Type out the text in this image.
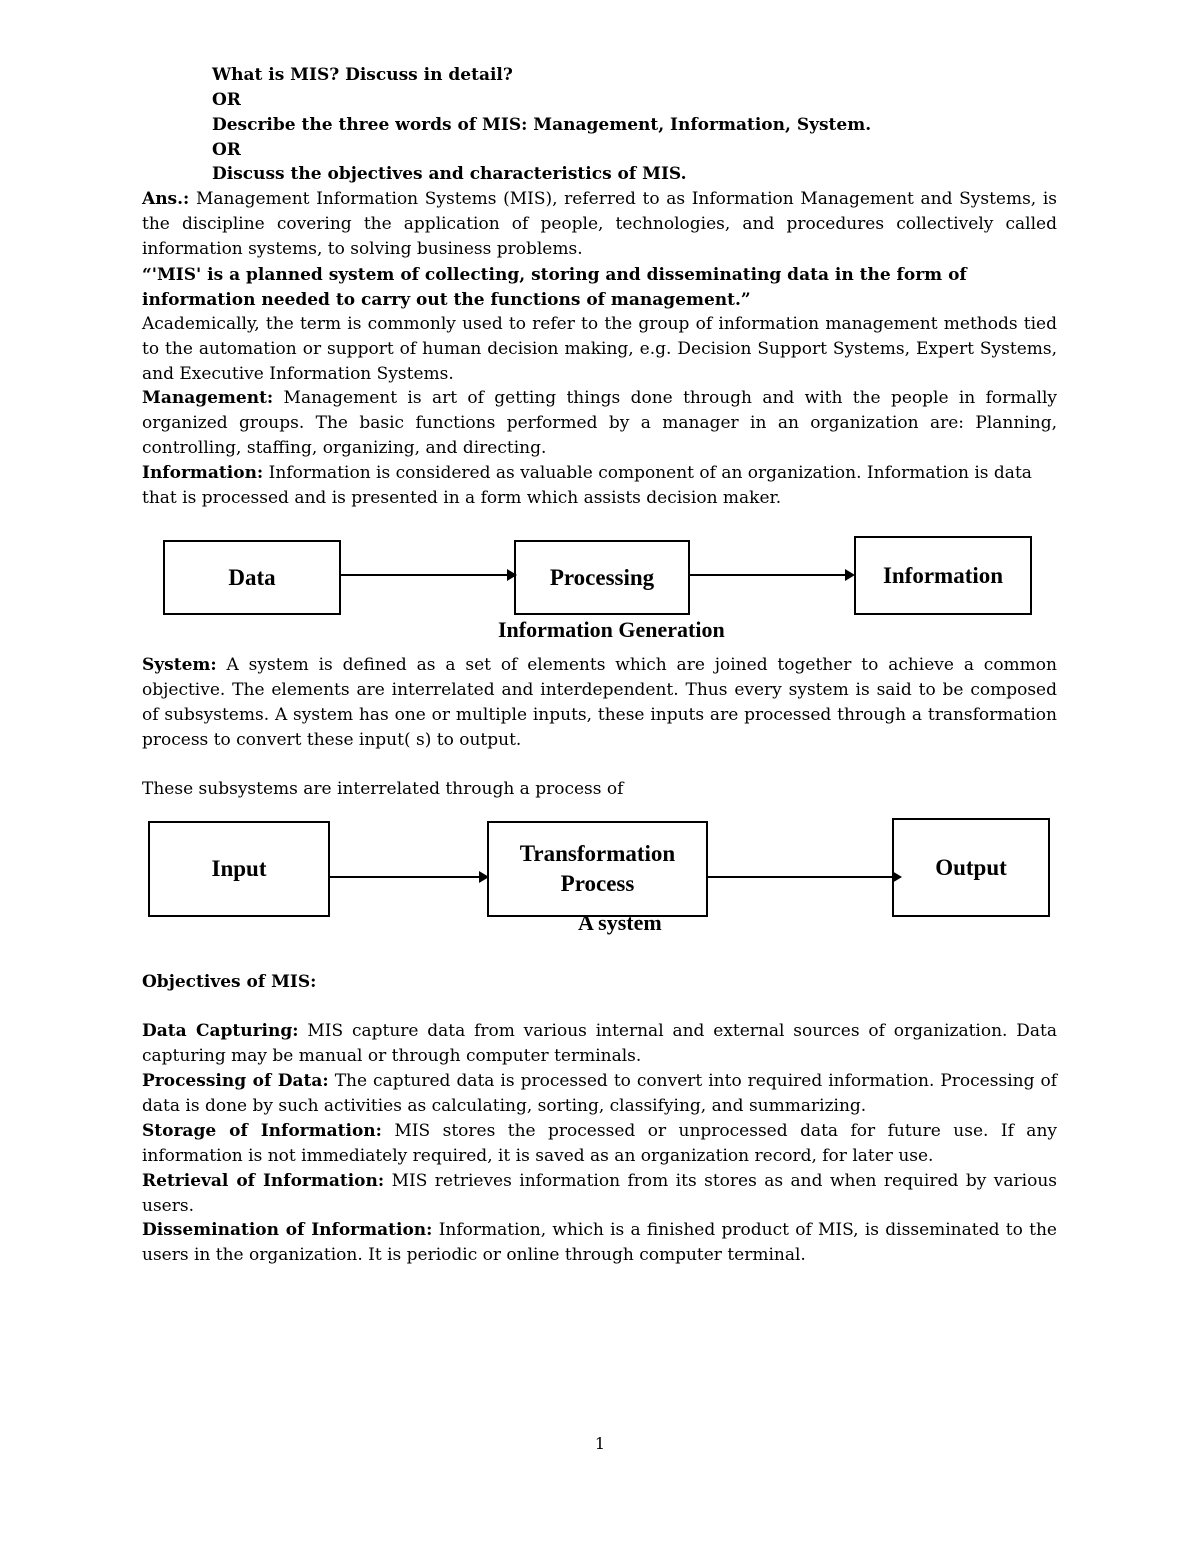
What is MIS? Discuss in detail?
OR
Describe the three words of MIS: Management, Information, System.
OR
Discuss the objectives and characteristics of MIS.
Ans.: Management Information Systems (MIS), referred to as Information Management and Systems, is the discipline covering the application of people, technologies, and procedures collectively called information systems, to solving business problems.
“'MIS' is a planned system of collecting, storing and disseminating data in the form of information needed to carry out the functions of management.”
Academically, the term is commonly used to refer to the group of information management methods tied to the automation or support of human decision making, e.g. Decision Support Systems, Expert Systems, and Executive Information Systems.
Management: Management is art of getting things done through and with the people in formally organized groups. The basic functions performed by a manager in an organization are: Planning, controlling, staffing, organizing, and directing.
Information: Information is considered as valuable component of an organization. Information is data
that is processed and is presented in a form which assists decision maker.
Data	Processing	Information
Information Generation
System: A system is defined as a set of elements which are joined together to achieve a common objective. The elements are interrelated and interdependent. Thus every system is said to be composed of subsystems. A system has one or multiple inputs, these inputs are processed through a transformation process to convert these input( s) to output.
These subsystems are interrelated through a process of
Input
Transformation Process
Output
A system
Objectives of MIS:
Data Capturing: MIS capture data from various internal and external sources of organization. Data capturing may be manual or through computer terminals.
Processing of Data: The captured data is processed to convert into required information. Processing of data is done by such activities as calculating, sorting, classifying, and summarizing.
Storage of Information: MIS stores the processed or unprocessed data for future use. If any information is not immediately required, it is saved as an organization record, for later use.
Retrieval of Information: MIS retrieves information from its stores as and when required by various users.
Dissemination of Information: Information, which is a finished product of MIS, is disseminated to the users in the organization. It is periodic or online through computer terminal.
1
